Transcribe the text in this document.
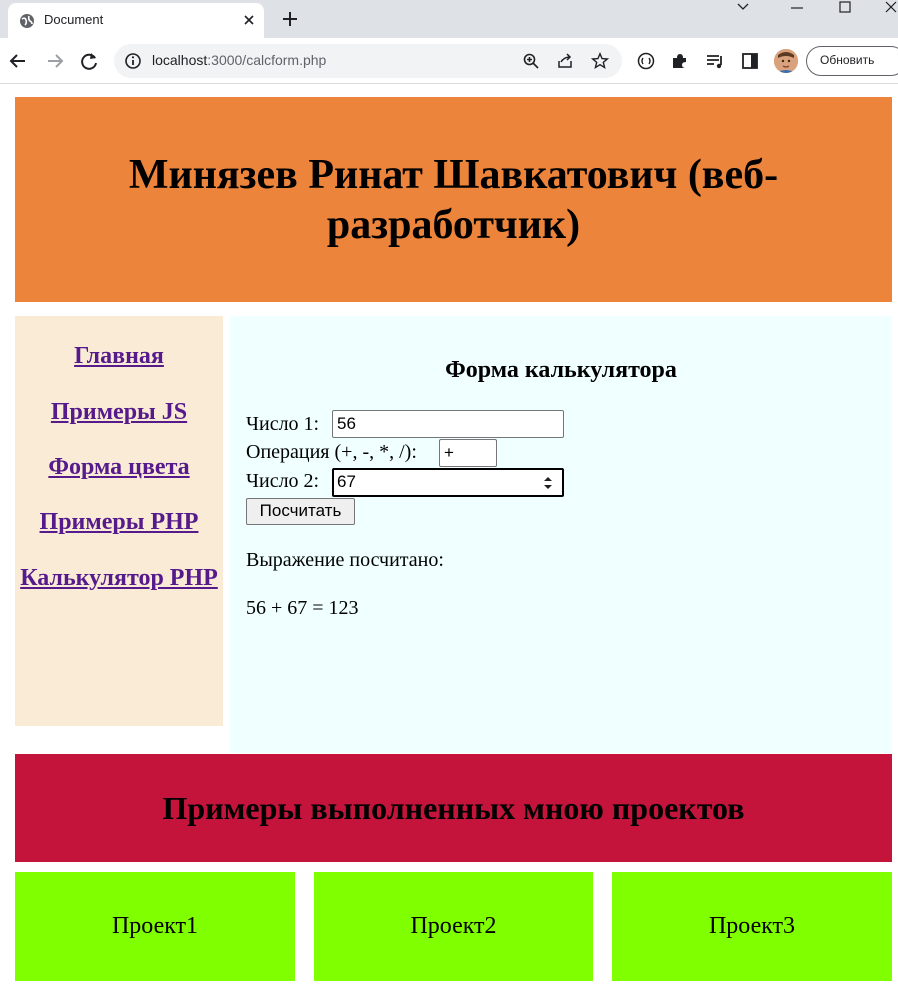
Document
localhost:3000/calcform.php	Обновить
Минязев Ринат Шавкатович (веб-разработчик)
Главная
Примеры JS
Форма цвета
Примеры PHP
Калькулятор PHP
Форма калькулятора
Число 1: 56
Операция (+, -, *, /): +
Число 2: 67
Посчитать
Выражение посчитано:
56 + 67 = 123
Примеры выполненных мною проектов
Проект1	Проект2	Проект3
